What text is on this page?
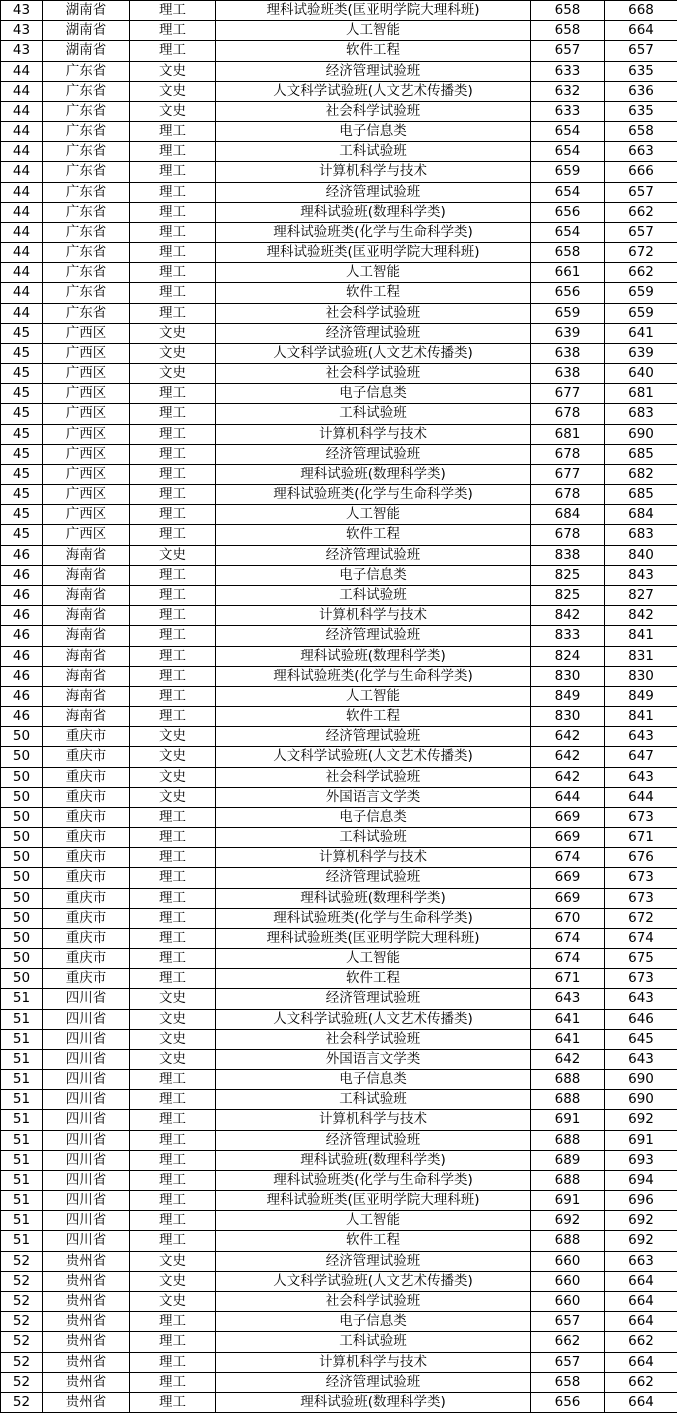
43	湖南省	理工	理科试验班类(匡亚明学院大理科班)	658	668
43	湖南省	理工	人工智能	658	664
43	湖南省	理工	软件工程	657	657
44	广东省	文史	经济管理试验班	633	635
44	广东省	文史	人文科学试验班(人文艺术传播类)	632	636
44	广东省	文史	社会科学试验班	633	635
44	广东省	理工	电子信息类	654	658
44	广东省	理工	工科试验班	654	663
44	广东省	理工	计算机科学与技术	659	666
44	广东省	理工	经济管理试验班	654	657
44	广东省	理工	理科试验班(数理科学类)	656	662
44	广东省	理工	理科试验班类(化学与生命科学类)	654	657
44	广东省	理工	理科试验班类(匡亚明学院大理科班)	658	672
44	广东省	理工	人工智能	661	662
44	广东省	理工	软件工程	656	659
44	广东省	理工	社会科学试验班	659	659
45	广西区	文史	经济管理试验班	639	641
45	广西区	文史	人文科学试验班(人文艺术传播类)	638	639
45	广西区	文史	社会科学试验班	638	640
45	广西区	理工	电子信息类	677	681
45	广西区	理工	工科试验班	678	683
45	广西区	理工	计算机科学与技术	681	690
45	广西区	理工	经济管理试验班	678	685
45	广西区	理工	理科试验班(数理科学类)	677	682
45	广西区	理工	理科试验班类(化学与生命科学类)	678	685
45	广西区	理工	人工智能	684	684
45	广西区	理工	软件工程	678	683
46	海南省	文史	经济管理试验班	838	840
46	海南省	理工	电子信息类	825	843
46	海南省	理工	工科试验班	825	827
46	海南省	理工	计算机科学与技术	842	842
46	海南省	理工	经济管理试验班	833	841
46	海南省	理工	理科试验班(数理科学类)	824	831
46	海南省	理工	理科试验班类(化学与生命科学类)	830	830
46	海南省	理工	人工智能	849	849
46	海南省	理工	软件工程	830	841
50	重庆市	文史	经济管理试验班	642	643
50	重庆市	文史	人文科学试验班(人文艺术传播类)	642	647
50	重庆市	文史	社会科学试验班	642	643
50	重庆市	文史	外国语言文学类	644	644
50	重庆市	理工	电子信息类	669	673
50	重庆市	理工	工科试验班	669	671
50	重庆市	理工	计算机科学与技术	674	676
50	重庆市	理工	经济管理试验班	669	673
50	重庆市	理工	理科试验班(数理科学类)	669	673
50	重庆市	理工	理科试验班类(化学与生命科学类)	670	672
50	重庆市	理工	理科试验班类(匡亚明学院大理科班)	674	674
50	重庆市	理工	人工智能	674	675
50	重庆市	理工	软件工程	671	673
51	四川省	文史	经济管理试验班	643	643
51	四川省	文史	人文科学试验班(人文艺术传播类)	641	646
51	四川省	文史	社会科学试验班	641	645
51	四川省	文史	外国语言文学类	642	643
51	四川省	理工	电子信息类	688	690
51	四川省	理工	工科试验班	688	690
51	四川省	理工	计算机科学与技术	691	692
51	四川省	理工	经济管理试验班	688	691
51	四川省	理工	理科试验班(数理科学类)	689	693
51	四川省	理工	理科试验班类(化学与生命科学类)	688	694
51	四川省	理工	理科试验班类(匡亚明学院大理科班)	691	696
51	四川省	理工	人工智能	692	692
51	四川省	理工	软件工程	688	692
52	贵州省	文史	经济管理试验班	660	663
52	贵州省	文史	人文科学试验班(人文艺术传播类)	660	664
52	贵州省	文史	社会科学试验班	660	664
52	贵州省	理工	电子信息类	657	664
52	贵州省	理工	工科试验班	662	662
52	贵州省	理工	计算机科学与技术	657	664
52	贵州省	理工	经济管理试验班	658	662
52	贵州省	理工	理科试验班(数理科学类)	656	664
